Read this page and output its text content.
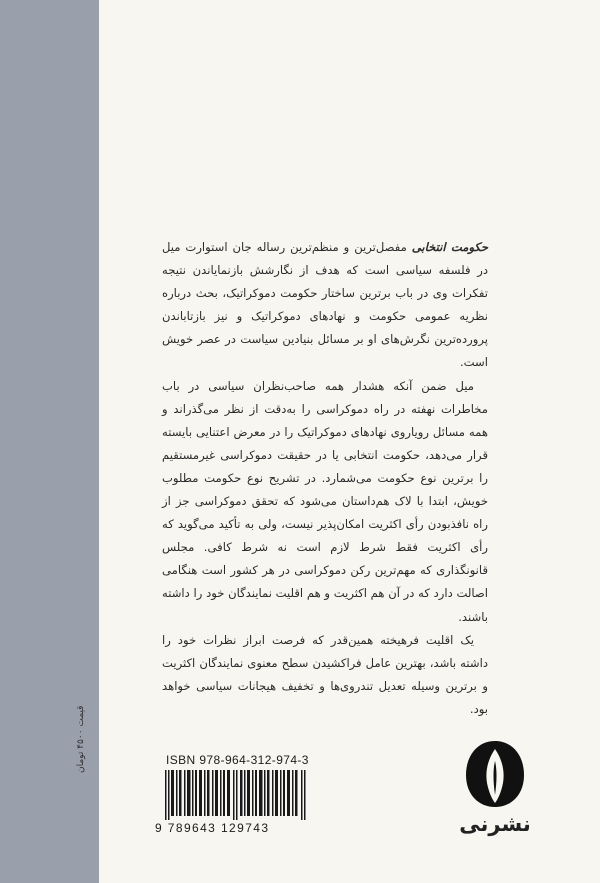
حکومت انتخابی مفصل‌ترین و منظم‌ترین رساله جان استوارت میل در فلسفه سیاسی است که هدف از نگارشش بازنمایاندن نتیجه تفکرات وی در باب برترین ساختار حکومت دموکراتیک، بحث درباره نظریه عمومی حکومت و نهادهای دموکراتیک و نیز بازتاباندن پرورده‌ترین نگرش‌های او بر مسائل بنیادین سیاست در عصر خویش است.

میل ضمن آنکه هشدار همه صاحب‌نظران سیاسی در باب مخاطرات نهفته در راه دموکراسی را به‌دقت از نظر می‌گذراند و همه مسائل رویاروی نهادهای دموکراتیک را در معرض اعتنایی بایسته قرار می‌دهد، حکومت انتخابی یا در حقیقت دموکراسی غیرمستقیم را برترین نوع حکومت می‌شمارد. در تشریح نوع حکومت مطلوب خویش، ابتدا با لاک هم‌داستان می‌شود که تحقق دموکراسی جز از راه نافذبودن رأی اکثریت امکان‌پذیر نیست، ولی به تأکید می‌گوید که رأی اکثریت فقط شرط لازم است نه شرط کافی. مجلس قانونگذاری که مهم‌ترین رکن دموکراسی در هر کشور است هنگامی اصالت دارد که در آن هم اکثریت و هم اقلیت نمایندگان خود را داشته باشند.

یک اقلیت فرهیخته همین‌قدر که فرصت ابراز نظرات خود را داشته باشد، بهترین عامل فراکشیدن سطح معنوی نمایندگان اکثریت و برترین وسیله تعدیل تندروی‌ها و تخفیف هیجانات سیاسی خواهد بود.

ISBN 978-964-312-974-3
9 789643 129743	نشرنی
قیمت ۴۵۰۰ تومان
